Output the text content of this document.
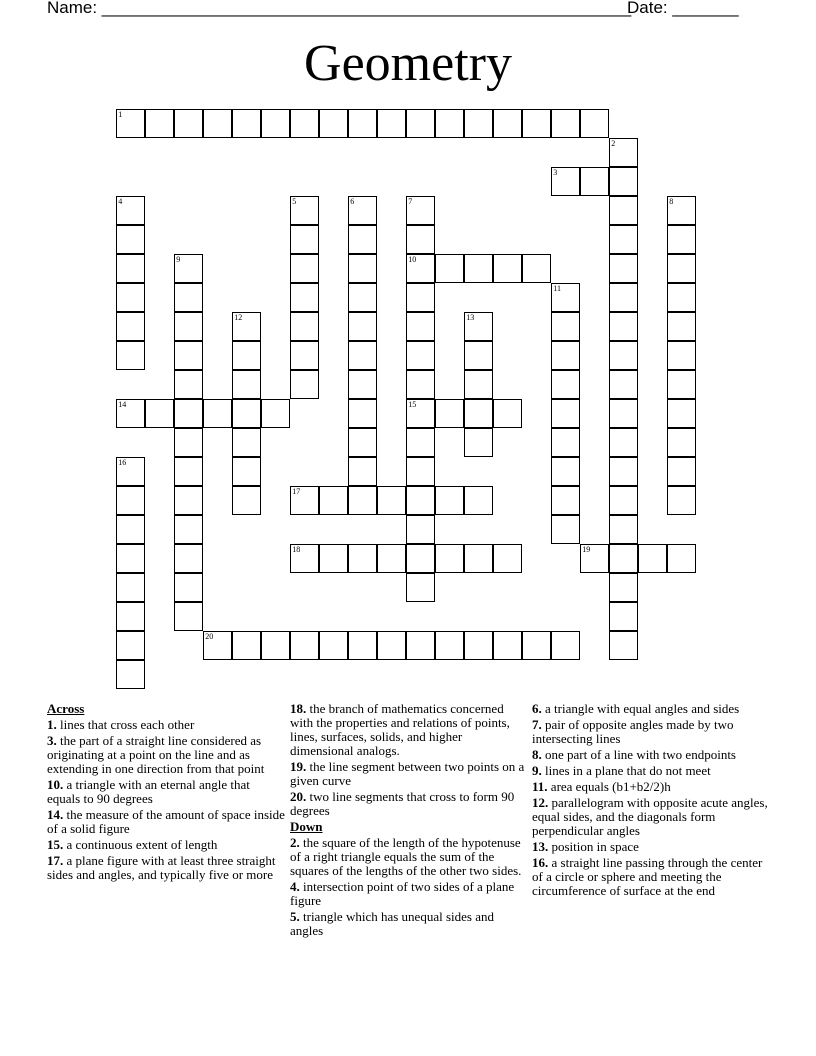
Name: ________________________________________________________
Date: _______
Geometry
1
3
10
14	15
17
18	19
20
2
4	5	6	7	8
9
11
12	13
16
Across
1. lines that cross each other
3. the part of a straight line considered as originating at a point on the line and as extending in one direction from that point
10. a triangle with an eternal angle that equals to 90 degrees
14. the measure of the amount of space inside of a solid figure
15. a continuous extent of length
17. a plane figure with at least three straight sides and angles, and typically five or more
18. the branch of mathematics concerned with the properties and relations of points, lines, surfaces, solids, and higher dimensional analogs.
19. the line segment between two points on a given curve
20. two line segments that cross to form 90 degrees
Down
2. the square of the length of the hypotenuse of a right triangle equals the sum of the squares of the lengths of the other two sides.
4. intersection point of two sides of a plane figure
5. triangle which has unequal sides and angles
6. a triangle with equal angles and sides
7. pair of opposite angles made by two intersecting lines
8. one part of a line with two endpoints
9. lines in a plane that do not meet
11. area equals (b1+b2/2)h
12. parallelogram with opposite acute angles, equal sides, and the diagonals form perpendicular angles
13. position in space
16. a straight line passing through the center of a circle or sphere and meeting the circumference of surface at the end
